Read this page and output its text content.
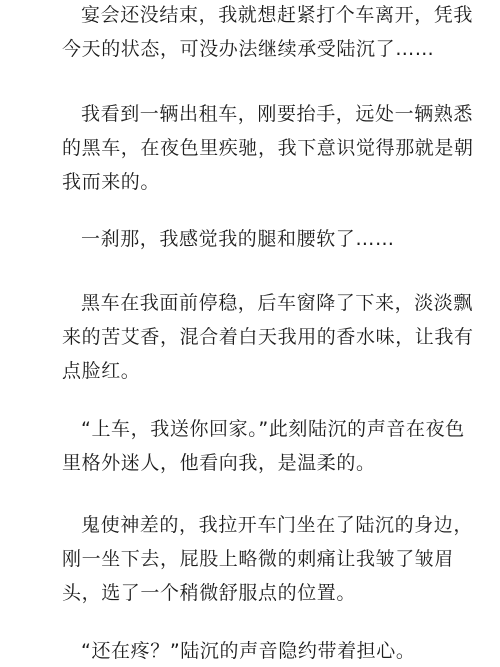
宴会还没结束，我就想赶紧打个车离开，凭我
今天的状态，可没办法继续承受陆沉了……

我看到一辆出租车，刚要抬手，远处一辆熟悉
的黑车，在夜色里疾驰，我下意识觉得那就是朝
我而来的。

一刹那，我感觉我的腿和腰软了……

黑车在我面前停稳，后车窗降了下来，淡淡飘
来的苦艾香，混合着白天我用的香水味，让我有
点脸红。

“上车，我送你回家。”此刻陆沉的声音在夜色
里格外迷人，他看向我，是温柔的。

鬼使神差的，我拉开车门坐在了陆沉的身边，
刚一坐下去，屁股上略微的刺痛让我皱了皱眉
头，选了一个稍微舒服点的位置。

“还在疼？”陆沉的声音隐约带着担心。
